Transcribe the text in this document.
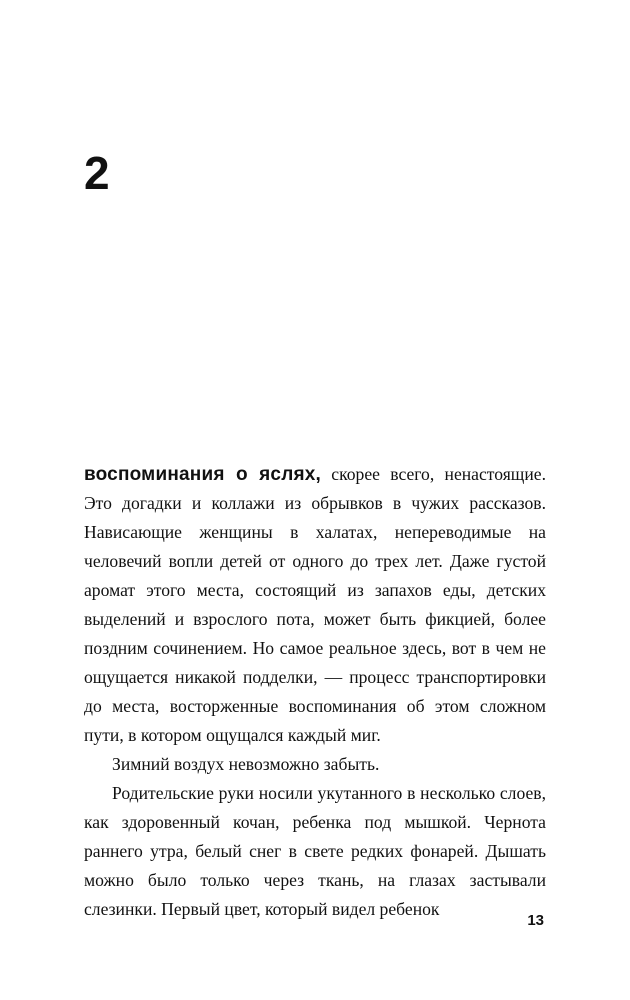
2

воспоминания о яслях, скорее всего, ненастоящие. Это догадки и коллажи из обрывков в чужих рассказов. Нависающие женщины в халатах, непереводимые на человечий вопли детей от одного до трех лет. Даже густой аромат этого места, состоящий из запахов еды, детских выделений и взрослого пота, может быть фикцией, более поздним сочинением. Но самое реальное здесь, вот в чем не ощущается никакой подделки, — процесс транспортировки до места, восторженные воспоминания об этом сложном пути, в котором ощущался каждый миг.

Зимний воздух невозможно забыть.

Родительские руки носили укутанного в несколько слоев, как здоровенный кочан, ребенка под мышкой. Чернота раннего утра, белый снег в свете редких фонарей. Дышать можно было только через ткань, на глазах застывали слезинки. Первый цвет, который видел ребенок

13
